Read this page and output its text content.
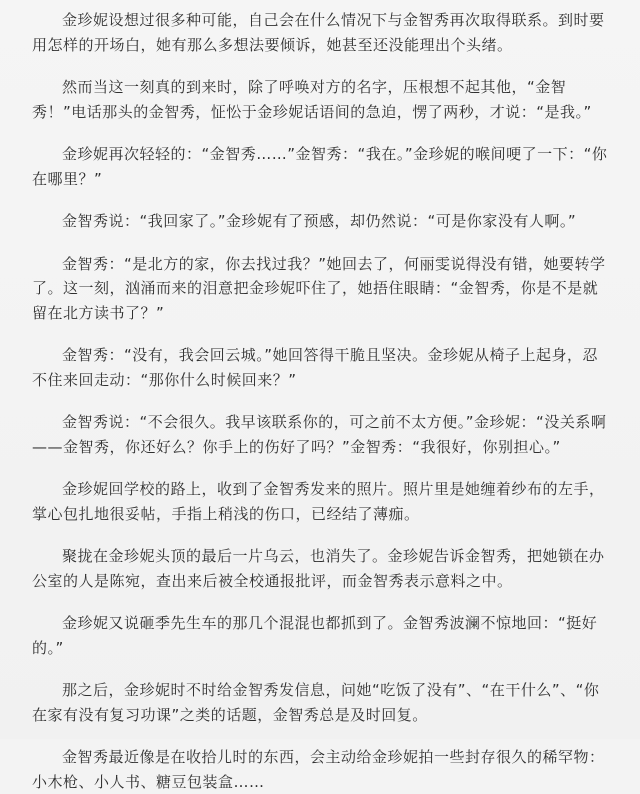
金珍妮设想过很多种可能，自己会在什么情况下与金智秀再次取得联系。到时要用怎样的开场白，她有那么多想法要倾诉，她甚至还没能理出个头绪。

然而当这一刻真的到来时，除了呼唤对方的名字，压根想不起其他，“金智秀！”电话那头的金智秀，怔忪于金珍妮话语间的急迫，愣了两秒，才说：“是我。”

金珍妮再次轻轻的：“金智秀……”金智秀：“我在。”金珍妮的喉间哽了一下：“你在哪里？”

金智秀说：“我回家了。”金珍妮有了预感，却仍然说：“可是你家没有人啊。”

金智秀：“是北方的家，你去找过我？”她回去了，何丽雯说得没有错，她要转学了。这一刻，汹涌而来的泪意把金珍妮吓住了，她捂住眼睛：“金智秀，你是不是就留在北方读书了？”

金智秀：“没有，我会回云城。”她回答得干脆且坚决。金珍妮从椅子上起身，忍不住来回走动：“那你什么时候回来？”

金智秀说：“不会很久。我早该联系你的，可之前不太方便。”金珍妮：“没关系啊——金智秀，你还好么？你手上的伤好了吗？”金智秀：“我很好，你别担心。”

金珍妮回学校的路上，收到了金智秀发来的照片。照片里是她缠着纱布的左手，掌心包扎地很妥帖，手指上稍浅的伤口，已经结了薄痂。

聚拢在金珍妮头顶的最后一片乌云，也消失了。金珍妮告诉金智秀，把她锁在办公室的人是陈宛，查出来后被全校通报批评，而金智秀表示意料之中。

金珍妮又说砸季先生车的那几个混混也都抓到了。金智秀波澜不惊地回：“挺好的。”

那之后，金珍妮时不时给金智秀发信息，问她“吃饭了没有”、“在干什么”、“你在家有没有复习功课”之类的话题，金智秀总是及时回复。

金智秀最近像是在收拾儿时的东西，会主动给金珍妮拍一些封存很久的稀罕物：小木枪、小人书、糖豆包装盒……
